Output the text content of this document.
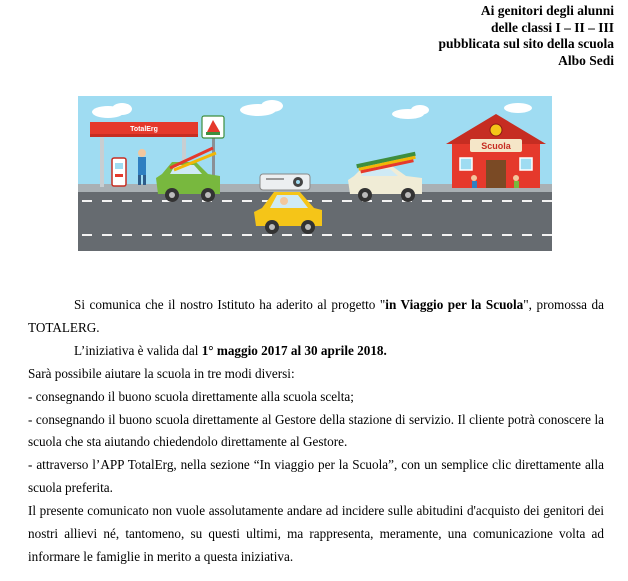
Ai genitori degli alunni
delle classi I – II – III
pubblicata sul sito della scuola
Albo Sedi
TotalErg
Scuola

Si comunica che il nostro Istituto ha aderito al progetto "in Viaggio per la Scuola", promossa da TOTALERG.

L’iniziativa è valida dal 1° maggio 2017 al 30 aprile 2018.

Sarà possibile aiutare la scuola in tre modi diversi:

- consegnando il buono scuola direttamente alla scuola scelta;

- consegnando il buono scuola direttamente al Gestore della stazione di servizio. Il cliente potrà conoscere la scuola che sta aiutando chiedendolo direttamente al Gestore.

- attraverso l’APP TotalErg, nella sezione “In viaggio per la Scuola”, con un semplice clic direttamente alla scuola preferita.

Il presente comunicato non vuole assolutamente andare ad incidere sulle abitudini d'acquisto dei genitori dei nostri allievi né, tantomeno, su questi ultimi, ma rappresenta, meramente, una comunicazione volta ad informare le famiglie in merito a questa iniziativa.
